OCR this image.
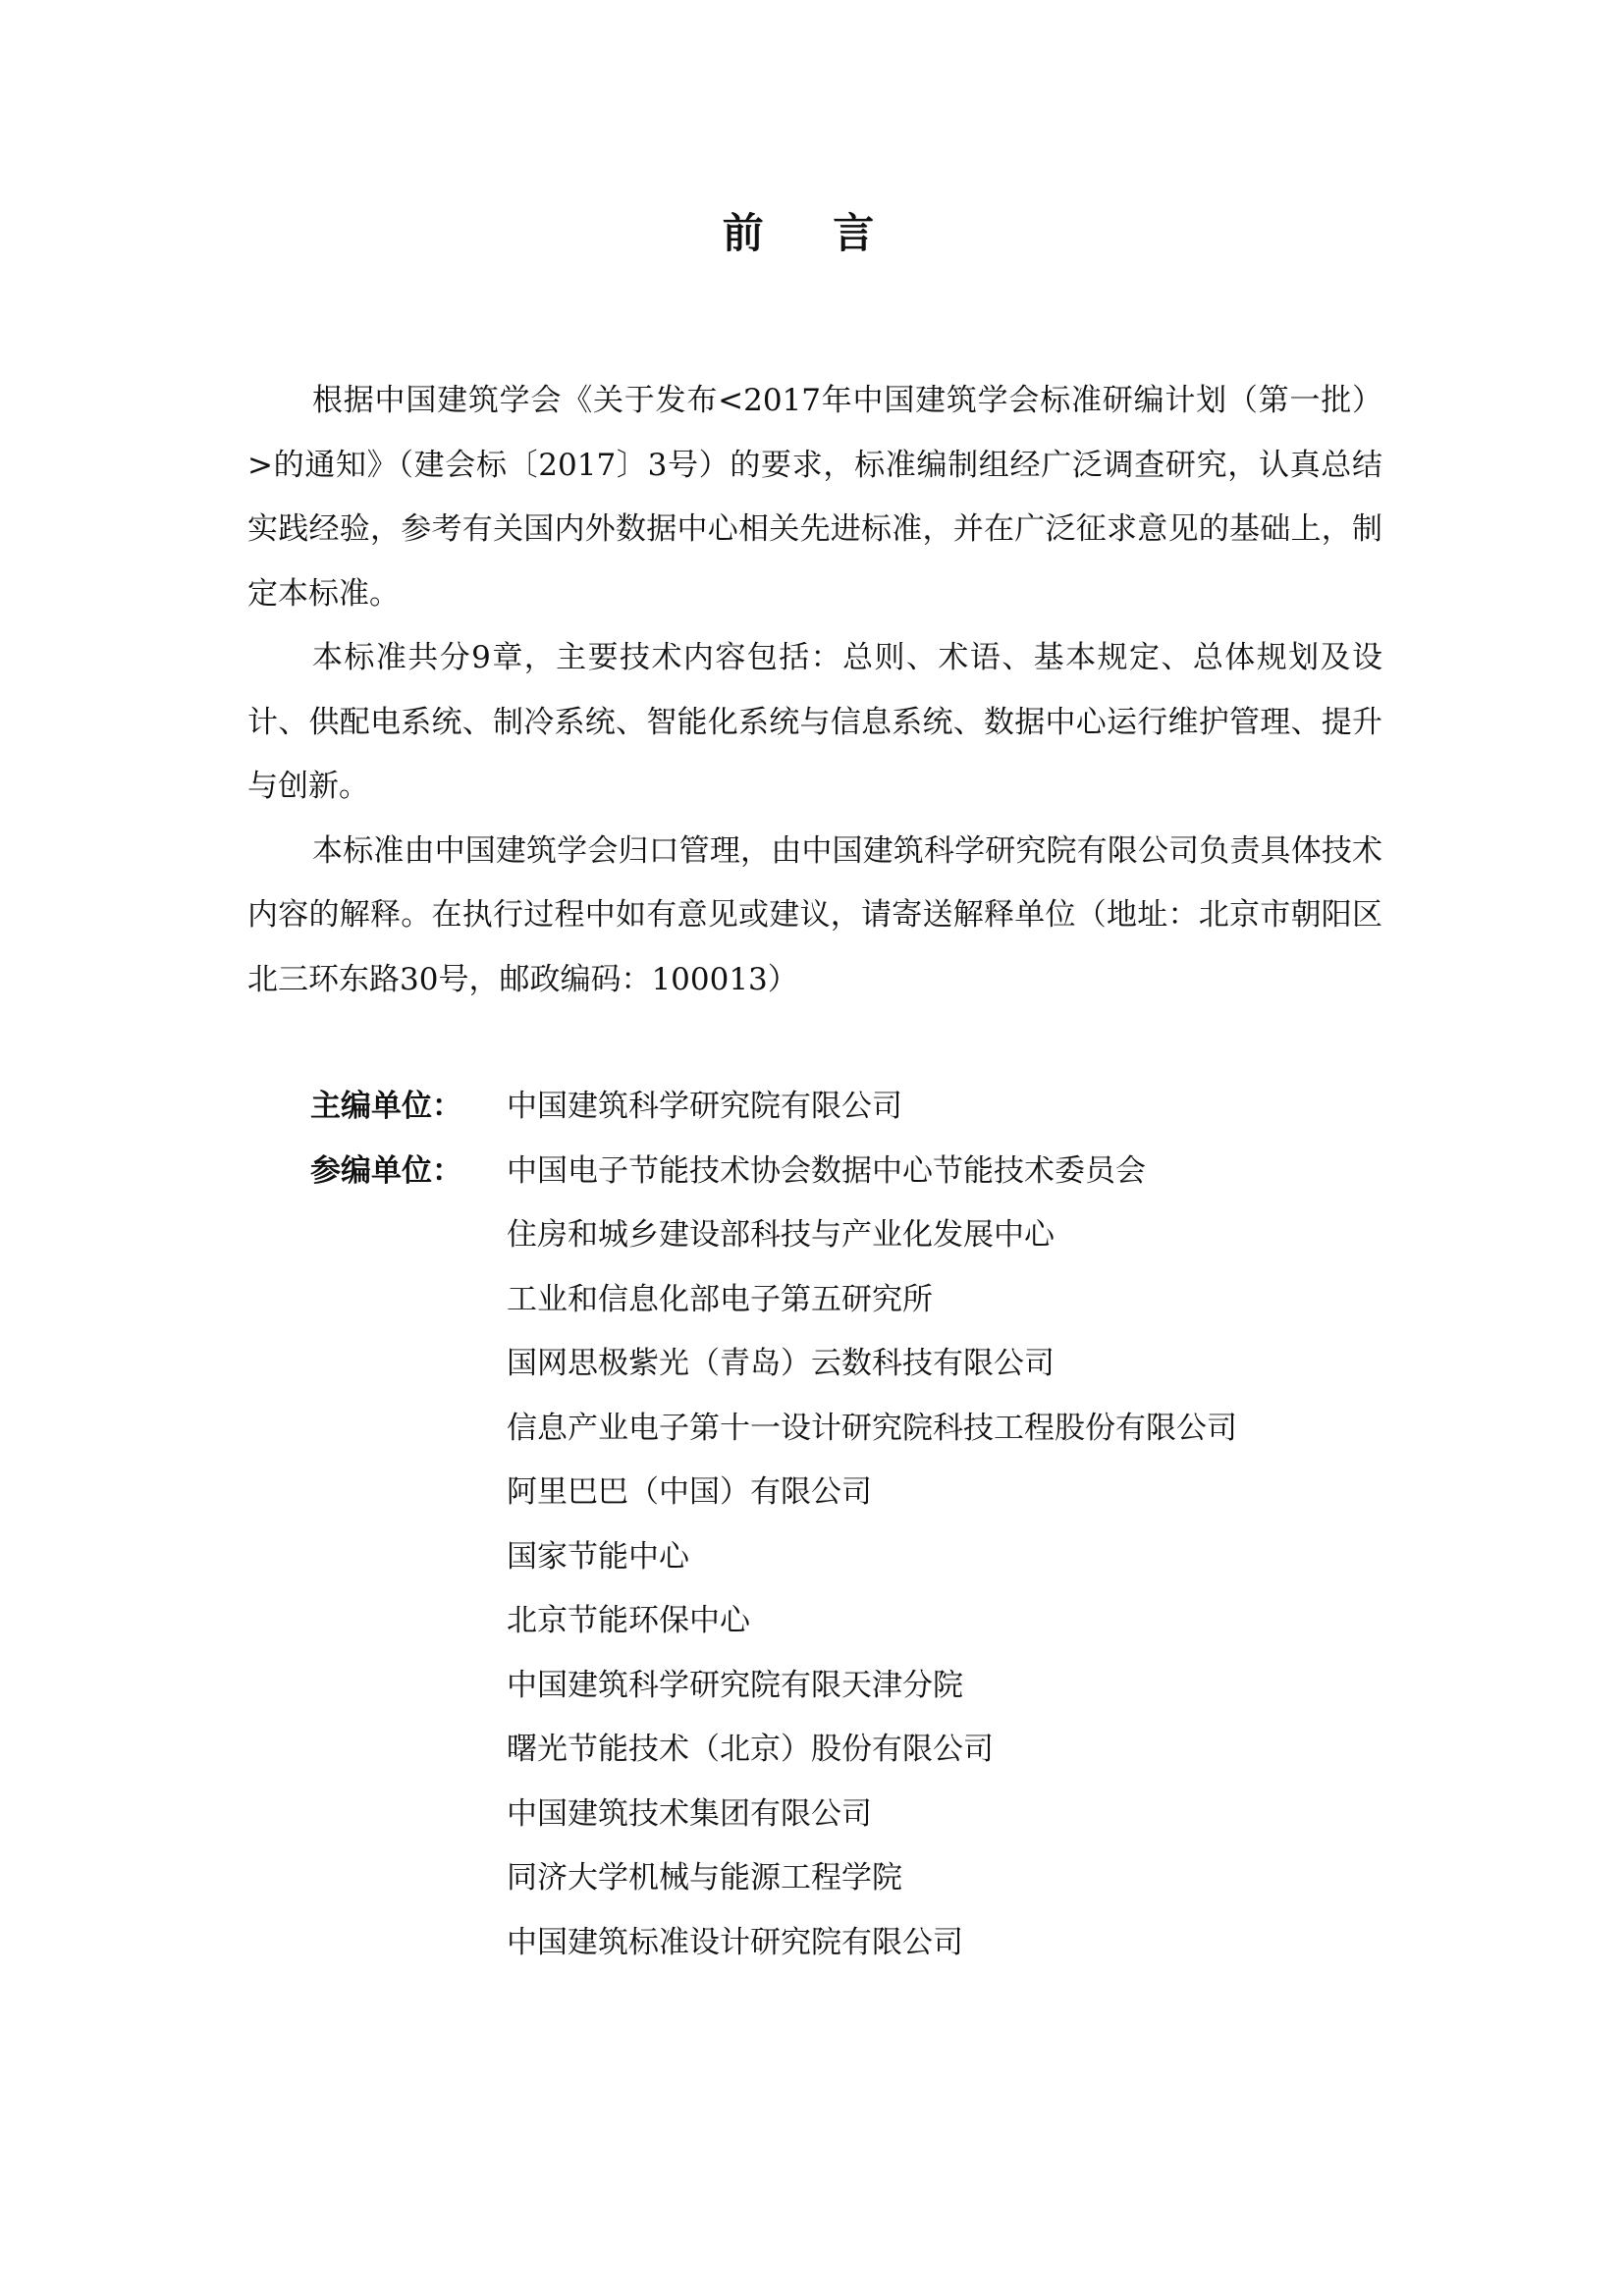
前 言

根据中国建筑学会《关于发布<2017年中国建筑学会标准研编计划（第一批）>的通知》（建会标〔2017〕3号）的要求，标准编制组经广泛调查研究，认真总结实践经验，参考有关国内外数据中心相关先进标准，并在广泛征求意见的基础上，制定本标准。

本标准共分9章，主要技术内容包括：总则、术语、基本规定、总体规划及设计、供配电系统、制冷系统、智能化系统与信息系统、数据中心运行维护管理、提升与创新。

本标准由中国建筑学会归口管理，由中国建筑科学研究院有限公司负责具体技术内容的解释。在执行过程中如有意见或建议，请寄送解释单位（地址：北京市朝阳区北三环东路30号，邮政编码：100013）

主编单位：	中国建筑科学研究院有限公司
参编单位：	中国电子节能技术协会数据中心节能技术委员会
住房和城乡建设部科技与产业化发展中心
工业和信息化部电子第五研究所
国网思极紫光（青岛）云数科技有限公司
信息产业电子第十一设计研究院科技工程股份有限公司
阿里巴巴（中国）有限公司
国家节能中心
北京节能环保中心
中国建筑科学研究院有限天津分院
曙光节能技术（北京）股份有限公司
中国建筑技术集团有限公司
同济大学机械与能源工程学院
中国建筑标准设计研究院有限公司
